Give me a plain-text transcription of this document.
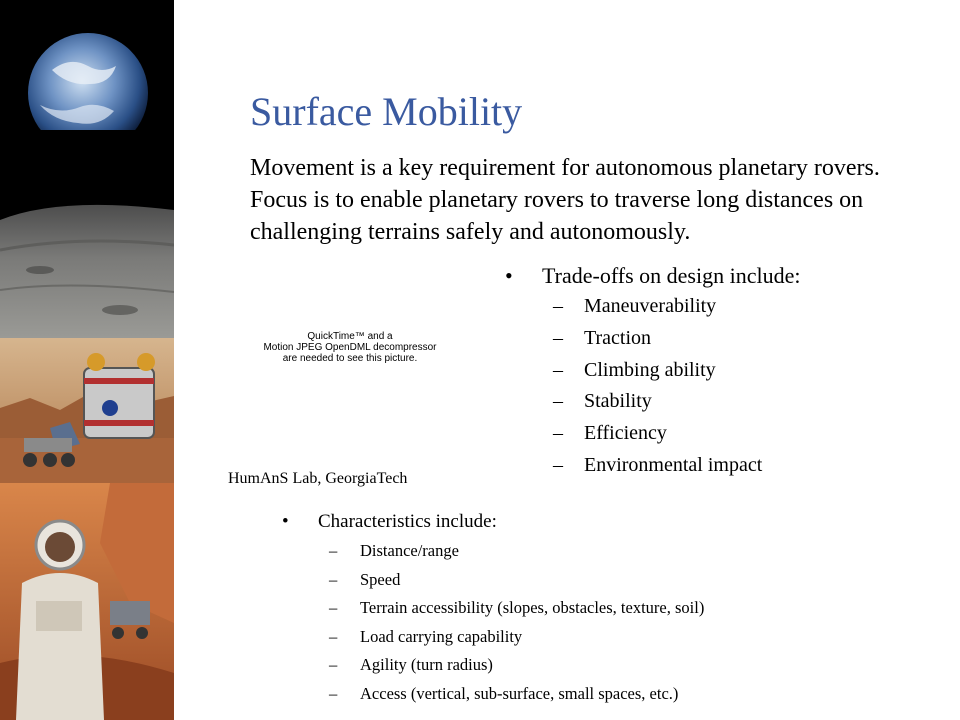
Surface Mobility
Movement is a key requirement for autonomous planetary rovers. Focus is to enable planetary rovers to traverse long distances on challenging terrains safely and autonomously.
QuickTime™ and a
Motion JPEG OpenDML decompressor
are needed to see this picture.
HumAnS Lab, GeorgiaTech
•	Trade-offs on design include:
–	Maneuverability
–	Traction
–	Climbing ability
–	Stability
–	Efficiency
–	Environmental impact
•	Characteristics include:
–	Distance/range
–	Speed
–	Terrain accessibility (slopes, obstacles, texture, soil)
–	Load carrying capability
–	Agility (turn radius)
–	Access (vertical, sub-surface, small spaces, etc.)
